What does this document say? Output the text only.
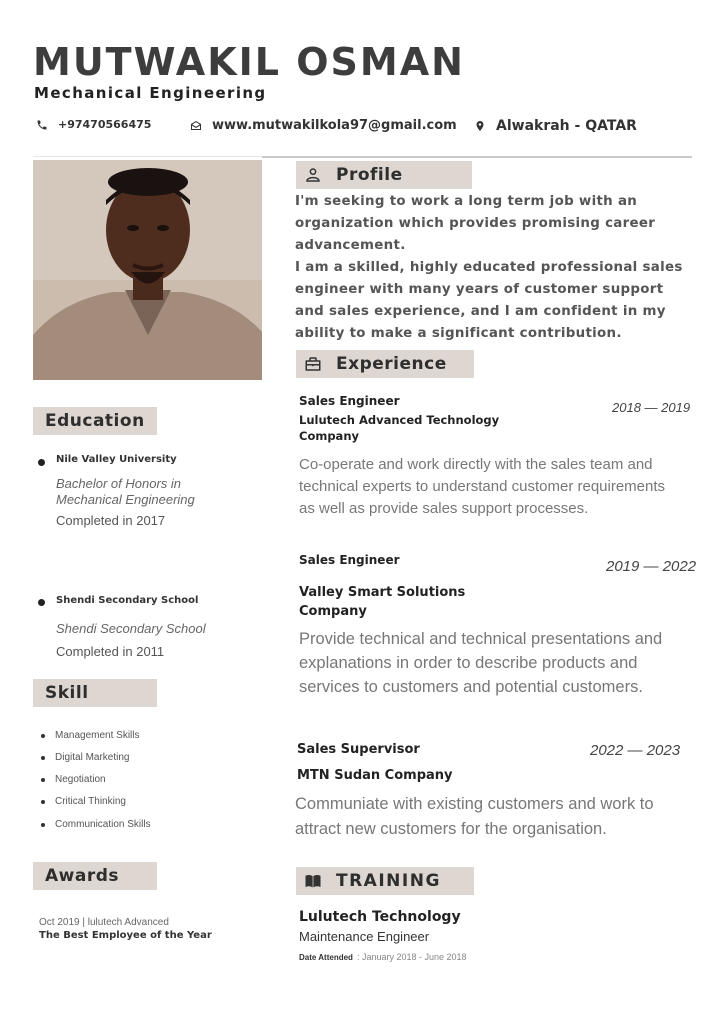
MUTWAKIL OSMAN
Mechanical Engineering
+97470566475	www.mutwakilkola97@gmail.com	Alwakrah - QATAR
Education
Nile Valley University
Bachelor of Honors in Mechanical Engineering
Completed in 2017
Shendi Secondary School
Shendi Secondary School
Completed in 2011
Skill
Management Skills
Digital Marketing
Negotiation
Critical Thinking
Communication Skills
Awards
Oct 2019 | lulutech Advanced
The Best Employee of the Year
Profile

I'm seeking to work a long term job with an organization which provides promising career advancement.

I am a skilled, highly educated professional sales engineer with many years of customer support and sales experience, and I am confident in my ability to make a significant contribution.

Experience
Sales Engineer
Lulutech Advanced Technology Company
2018 — 2019
Co-operate and work directly with the sales team and technical experts to understand customer requirements as well as provide sales support processes.
Sales Engineer
Valley Smart Solutions Company
2019 — 2022
Provide technical and technical presentations and explanations in order to describe products and services to customers and potential customers.
Sales Supervisor
MTN Sudan Company
2022 — 2023
Communiate with existing customers and work to attract new customers for the organisation.
TRAINING
Lulutech Technology
Maintenance Engineer
Date Attended : January 2018 - June 2018
